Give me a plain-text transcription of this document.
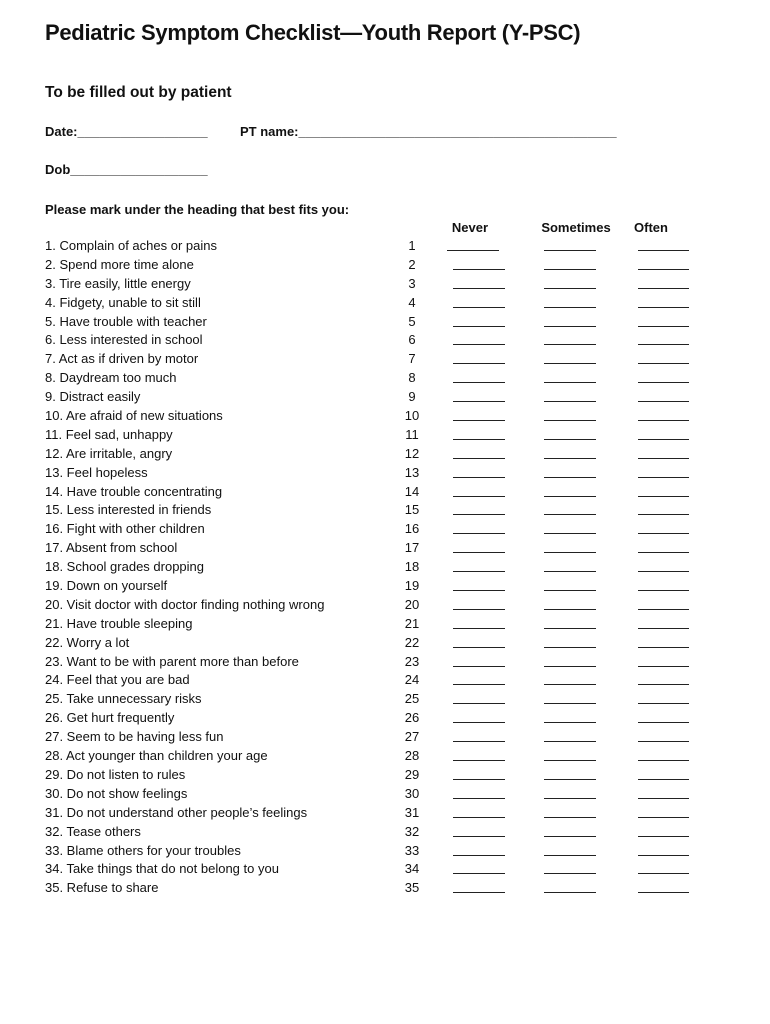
Pediatric Symptom Checklist—Youth Report (Y-PSC)
To be filled out by patient
Date:__________________ PT name:____________________________________________
Dob___________________
Please mark under the heading that best fits you:
Never	Sometimes	Often
1. Complain of aches or pains	1
2. Spend more time alone	2
3. Tire easily, little energy	3
4. Fidgety, unable to sit still	4
5. Have trouble with teacher	5
6. Less interested in school	6
7. Act as if driven by motor	7
8. Daydream too much	8
9. Distract easily	9
10. Are afraid of new situations	10
11. Feel sad, unhappy	11
12. Are irritable, angry	12
13. Feel hopeless	13
14. Have trouble concentrating	14
15. Less interested in friends	15
16. Fight with other children	16
17. Absent from school	17
18. School grades dropping	18
19. Down on yourself	19
20. Visit doctor with doctor finding nothing wrong	20
21. Have trouble sleeping	21
22. Worry a lot	22
23. Want to be with parent more than before	23
24. Feel that you are bad	24
25. Take unnecessary risks	25
26. Get hurt frequently	26
27. Seem to be having less fun	27
28. Act younger than children your age	28
29. Do not listen to rules	29
30. Do not show feelings	30
31. Do not understand other people’s feelings	31
32. Tease others	32
33. Blame others for your troubles	33
34. Take things that do not belong to you	34
35. Refuse to share	35
